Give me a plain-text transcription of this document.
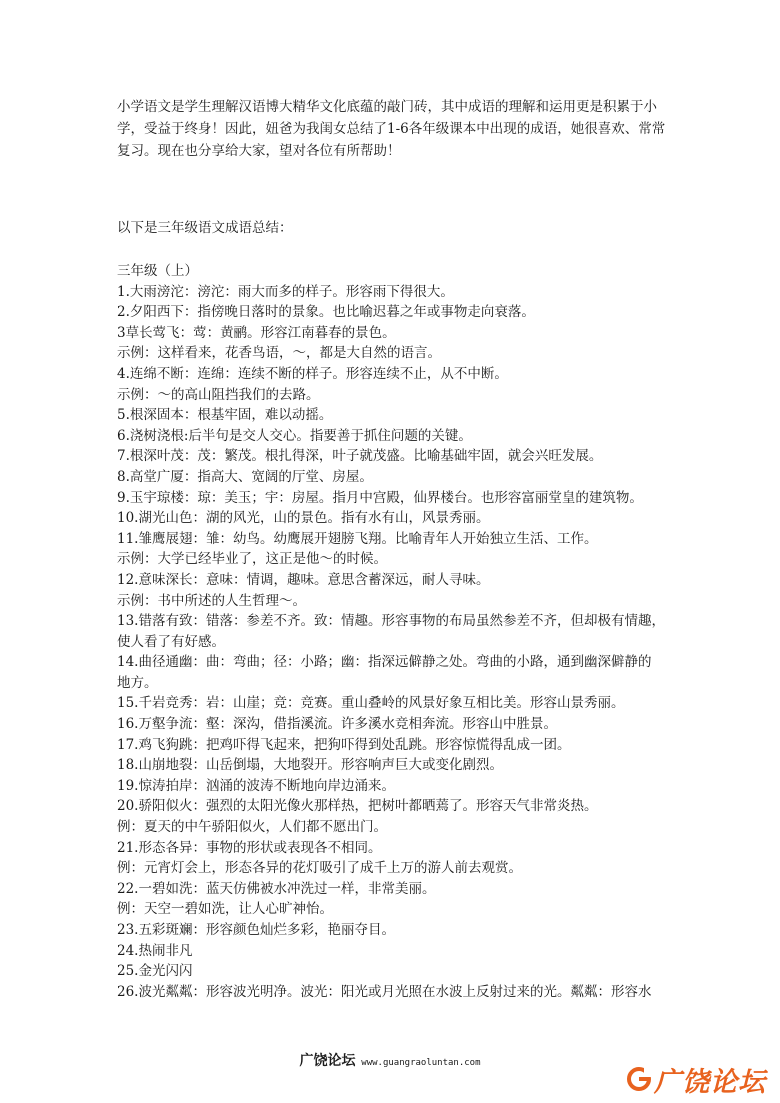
小学语文是学生理解汉语博大精华文化底蕴的敲门砖，其中成语的理解和运用更是积累于小学，受益于终身！因此，妞爸为我闺女总结了1-6各年级课本中出现的成语，她很喜欢、常常复习。现在也分享给大家，望对各位有所帮助！
以下是三年级语文成语总结：
三年级（上）
1.大雨滂沱：滂沱：雨大而多的样子。形容雨下得很大。
2.夕阳西下：指傍晚日落时的景象。也比喻迟暮之年或事物走向衰落。
3草长莺飞：莺：黄鹂。形容江南暮春的景色。
示例：这样看来，花香鸟语，～，都是大自然的语言。
4.连绵不断：连绵：连续不断的样子。形容连续不止，从不中断。
示例：～的高山阻挡我们的去路。
5.根深固本：根基牢固，难以动摇。
6.浇树浇根:后半句是交人交心。指要善于抓住问题的关键。
7.根深叶茂：茂：繁茂。根扎得深，叶子就茂盛。比喻基础牢固，就会兴旺发展。
8.高堂广厦：指高大、宽阔的厅堂、房屋。
9.玉宇琼楼：琼：美玉；宇：房屋。指月中宫殿，仙界楼台。也形容富丽堂皇的建筑物。
10.湖光山色：湖的风光，山的景色。指有水有山，风景秀丽。
11.雏鹰展翅：雏：幼鸟。幼鹰展开翅膀飞翔。比喻青年人开始独立生活、工作。
示例：大学已经毕业了，这正是他～的时候。
12.意味深长：意味：情调，趣味。意思含蓄深远，耐人寻味。
示例：书中所述的人生哲理～。
13.错落有致：错落：参差不齐。致：情趣。形容事物的布局虽然参差不齐，但却极有情趣，
使人看了有好感。
14.曲径通幽：曲：弯曲；径：小路；幽：指深远僻静之处。弯曲的小路，通到幽深僻静的
地方。
15.千岩竞秀：岩：山崖；竞：竞赛。重山叠岭的风景好象互相比美。形容山景秀丽。
16.万壑争流：壑：深沟，借指溪流。许多溪水竞相奔流。形容山中胜景。
17.鸡飞狗跳：把鸡吓得飞起来，把狗吓得到处乱跳。形容惊慌得乱成一团。
18.山崩地裂：山岳倒塌，大地裂开。形容响声巨大或变化剧烈。
19.惊涛拍岸：汹涌的波涛不断地向岸边涌来。
20.骄阳似火：强烈的太阳光像火那样热，把树叶都晒蔫了。形容天气非常炎热。
例：夏天的中午骄阳似火，人们都不愿出门。
21.形态各异：事物的形状或表现各不相同。
例：元宵灯会上，形态各异的花灯吸引了成千上万的游人前去观赏。
22.一碧如洗：蓝天仿佛被水冲洗过一样，非常美丽。
例：天空一碧如洗，让人心旷神怡。
23.五彩斑斓：形容颜色灿烂多彩，艳丽夺目。
24.热闹非凡
25.金光闪闪
26.波光粼粼：形容波光明净。波光：阳光或月光照在水波上反射过来的光。粼粼：形容水
广饶论坛 www.guangraoluntan.com
广饶论坛
